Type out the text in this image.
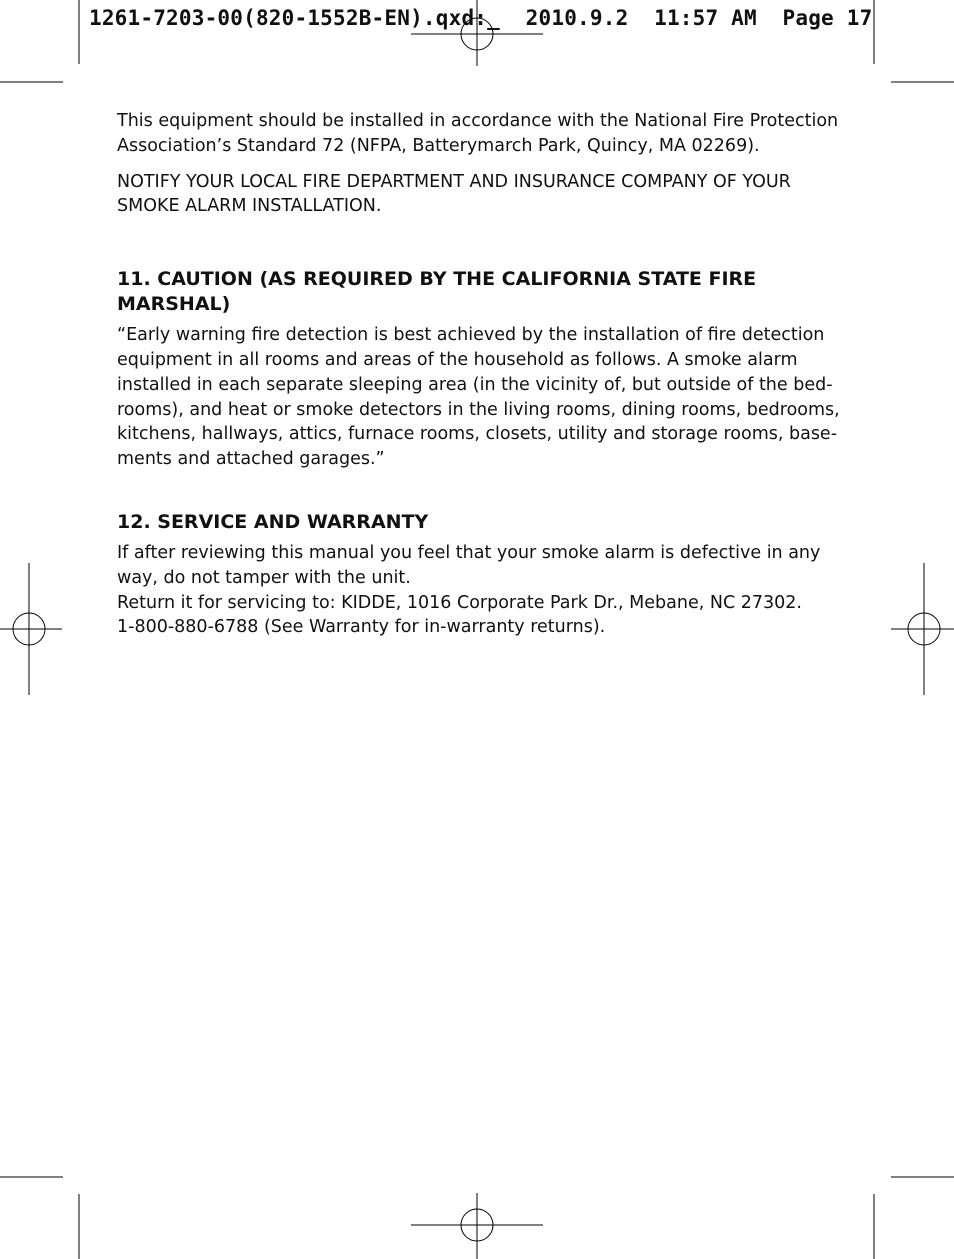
1261-7203-00(820-1552B-EN).qxd:_  2010.9.2  11:57 AM  Page 17

This equipment should be installed in accordance with the National Fire Protection Association’s Standard 72 (NFPA, Batterymarch Park, Quincy, MA 02269).

NOTIFY YOUR LOCAL FIRE DEPARTMENT AND INSURANCE COMPANY OF YOUR SMOKE ALARM INSTALLATION.

11. CAUTION (AS REQUIRED BY THE CALIFORNIA STATE FIRE MARSHAL)

“Early warning fire detection is best achieved by the installation of fire detection equipment in all rooms and areas of the household as follows. A smoke alarm installed in each separate sleeping area (in the vicinity of, but outside of the bed- rooms), and heat or smoke detectors in the living rooms, dining rooms, bedrooms, kitchens, hallways, attics, furnace rooms, closets, utility and storage rooms, base- ments and attached garages.”

12. SERVICE AND WARRANTY

If after reviewing this manual you feel that your smoke alarm is defective in any way, do not tamper with the unit.

Return it for servicing to: KIDDE, 1016 Corporate Park Dr., Mebane, NC 27302.

1-800-880-6788 (See Warranty for in-warranty returns).
